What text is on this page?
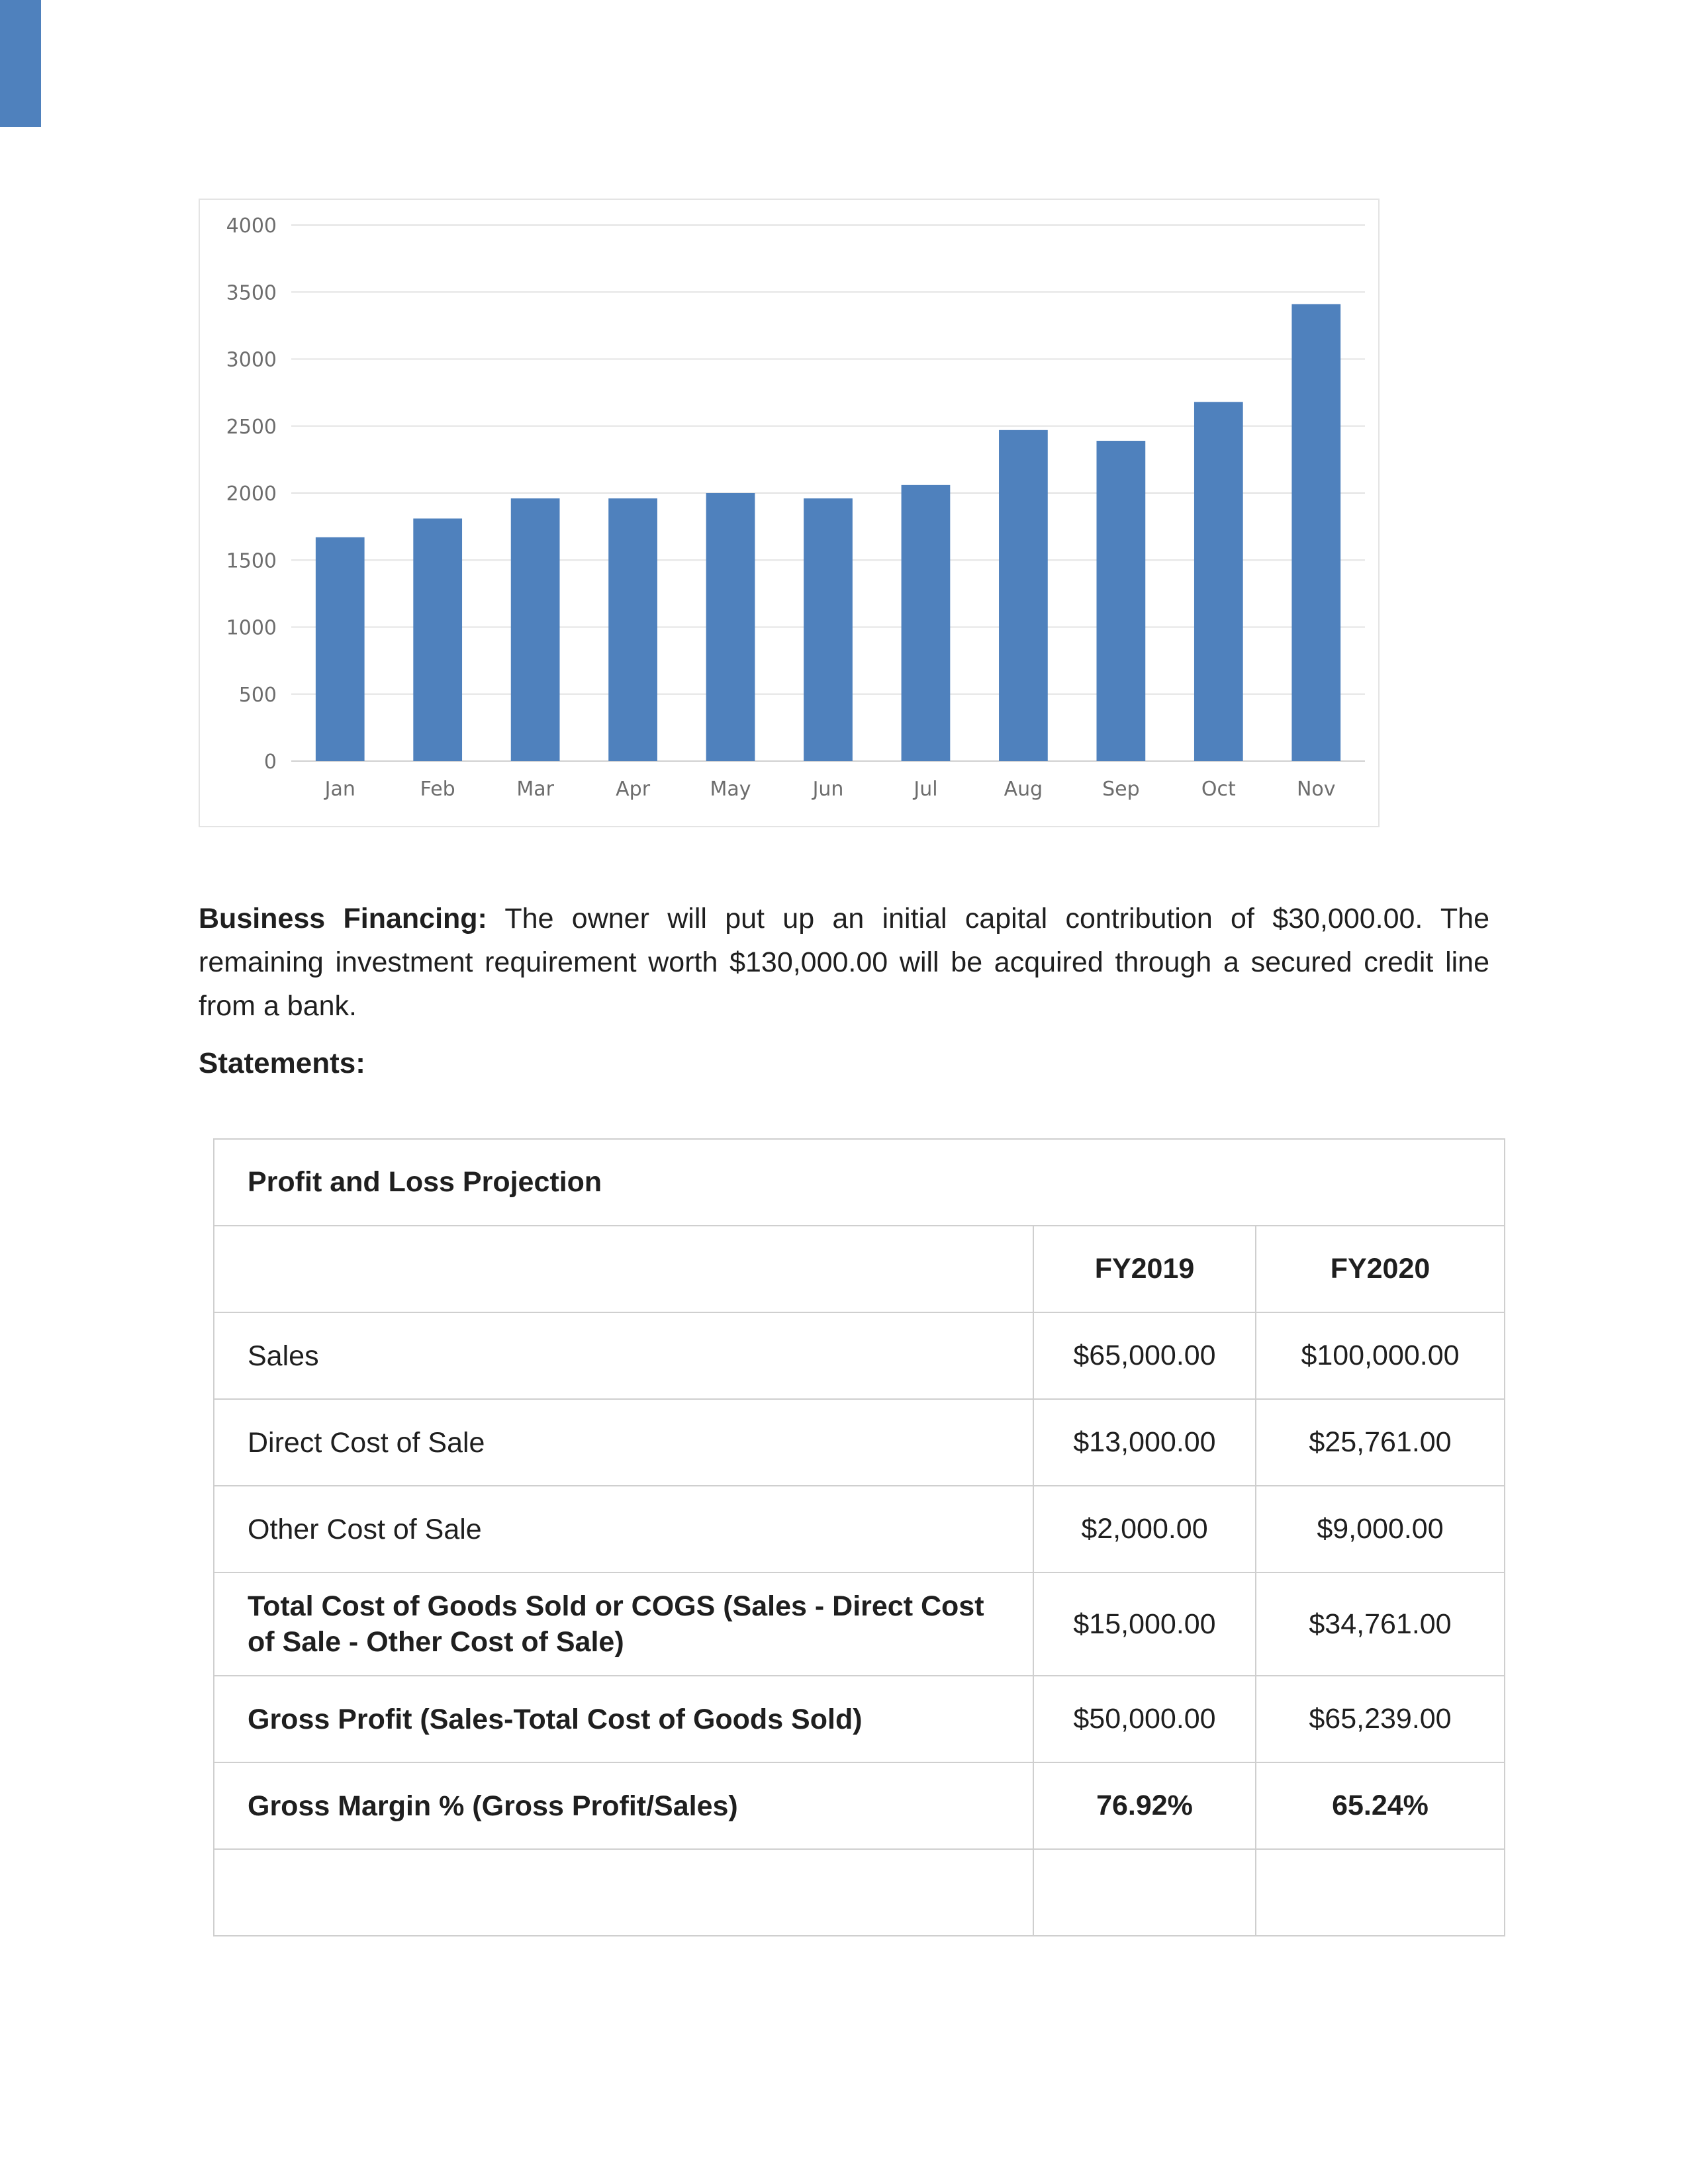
0
500
1000
1500
2000
2500
3000
3500
4000
Jan	Feb	Mar	Apr	May	Jun	Jul	Aug	Sep	Oct	Nov

Business Financing: The owner will put up an initial capital contribution of $30,000.00. The remaining investment requirement worth $130,000.00 will be acquired through a secured credit line from a bank.

Statements:
Profit and Loss Projection		
	FY2019	FY2020
Sales	$65,000.00	$100,000.00
Direct Cost of Sale	$13,000.00	$25,761.00
Other Cost of Sale	$2,000.00	$9,000.00
Total Cost of Goods Sold or COGS (Sales - Direct Cost of Sale - Other Cost of Sale)	$15,000.00	$34,761.00
Gross Profit (Sales-Total Cost of Goods Sold)	$50,000.00	$65,239.00
Gross Margin % (Gross Profit/Sales)	76.92%	65.24%
